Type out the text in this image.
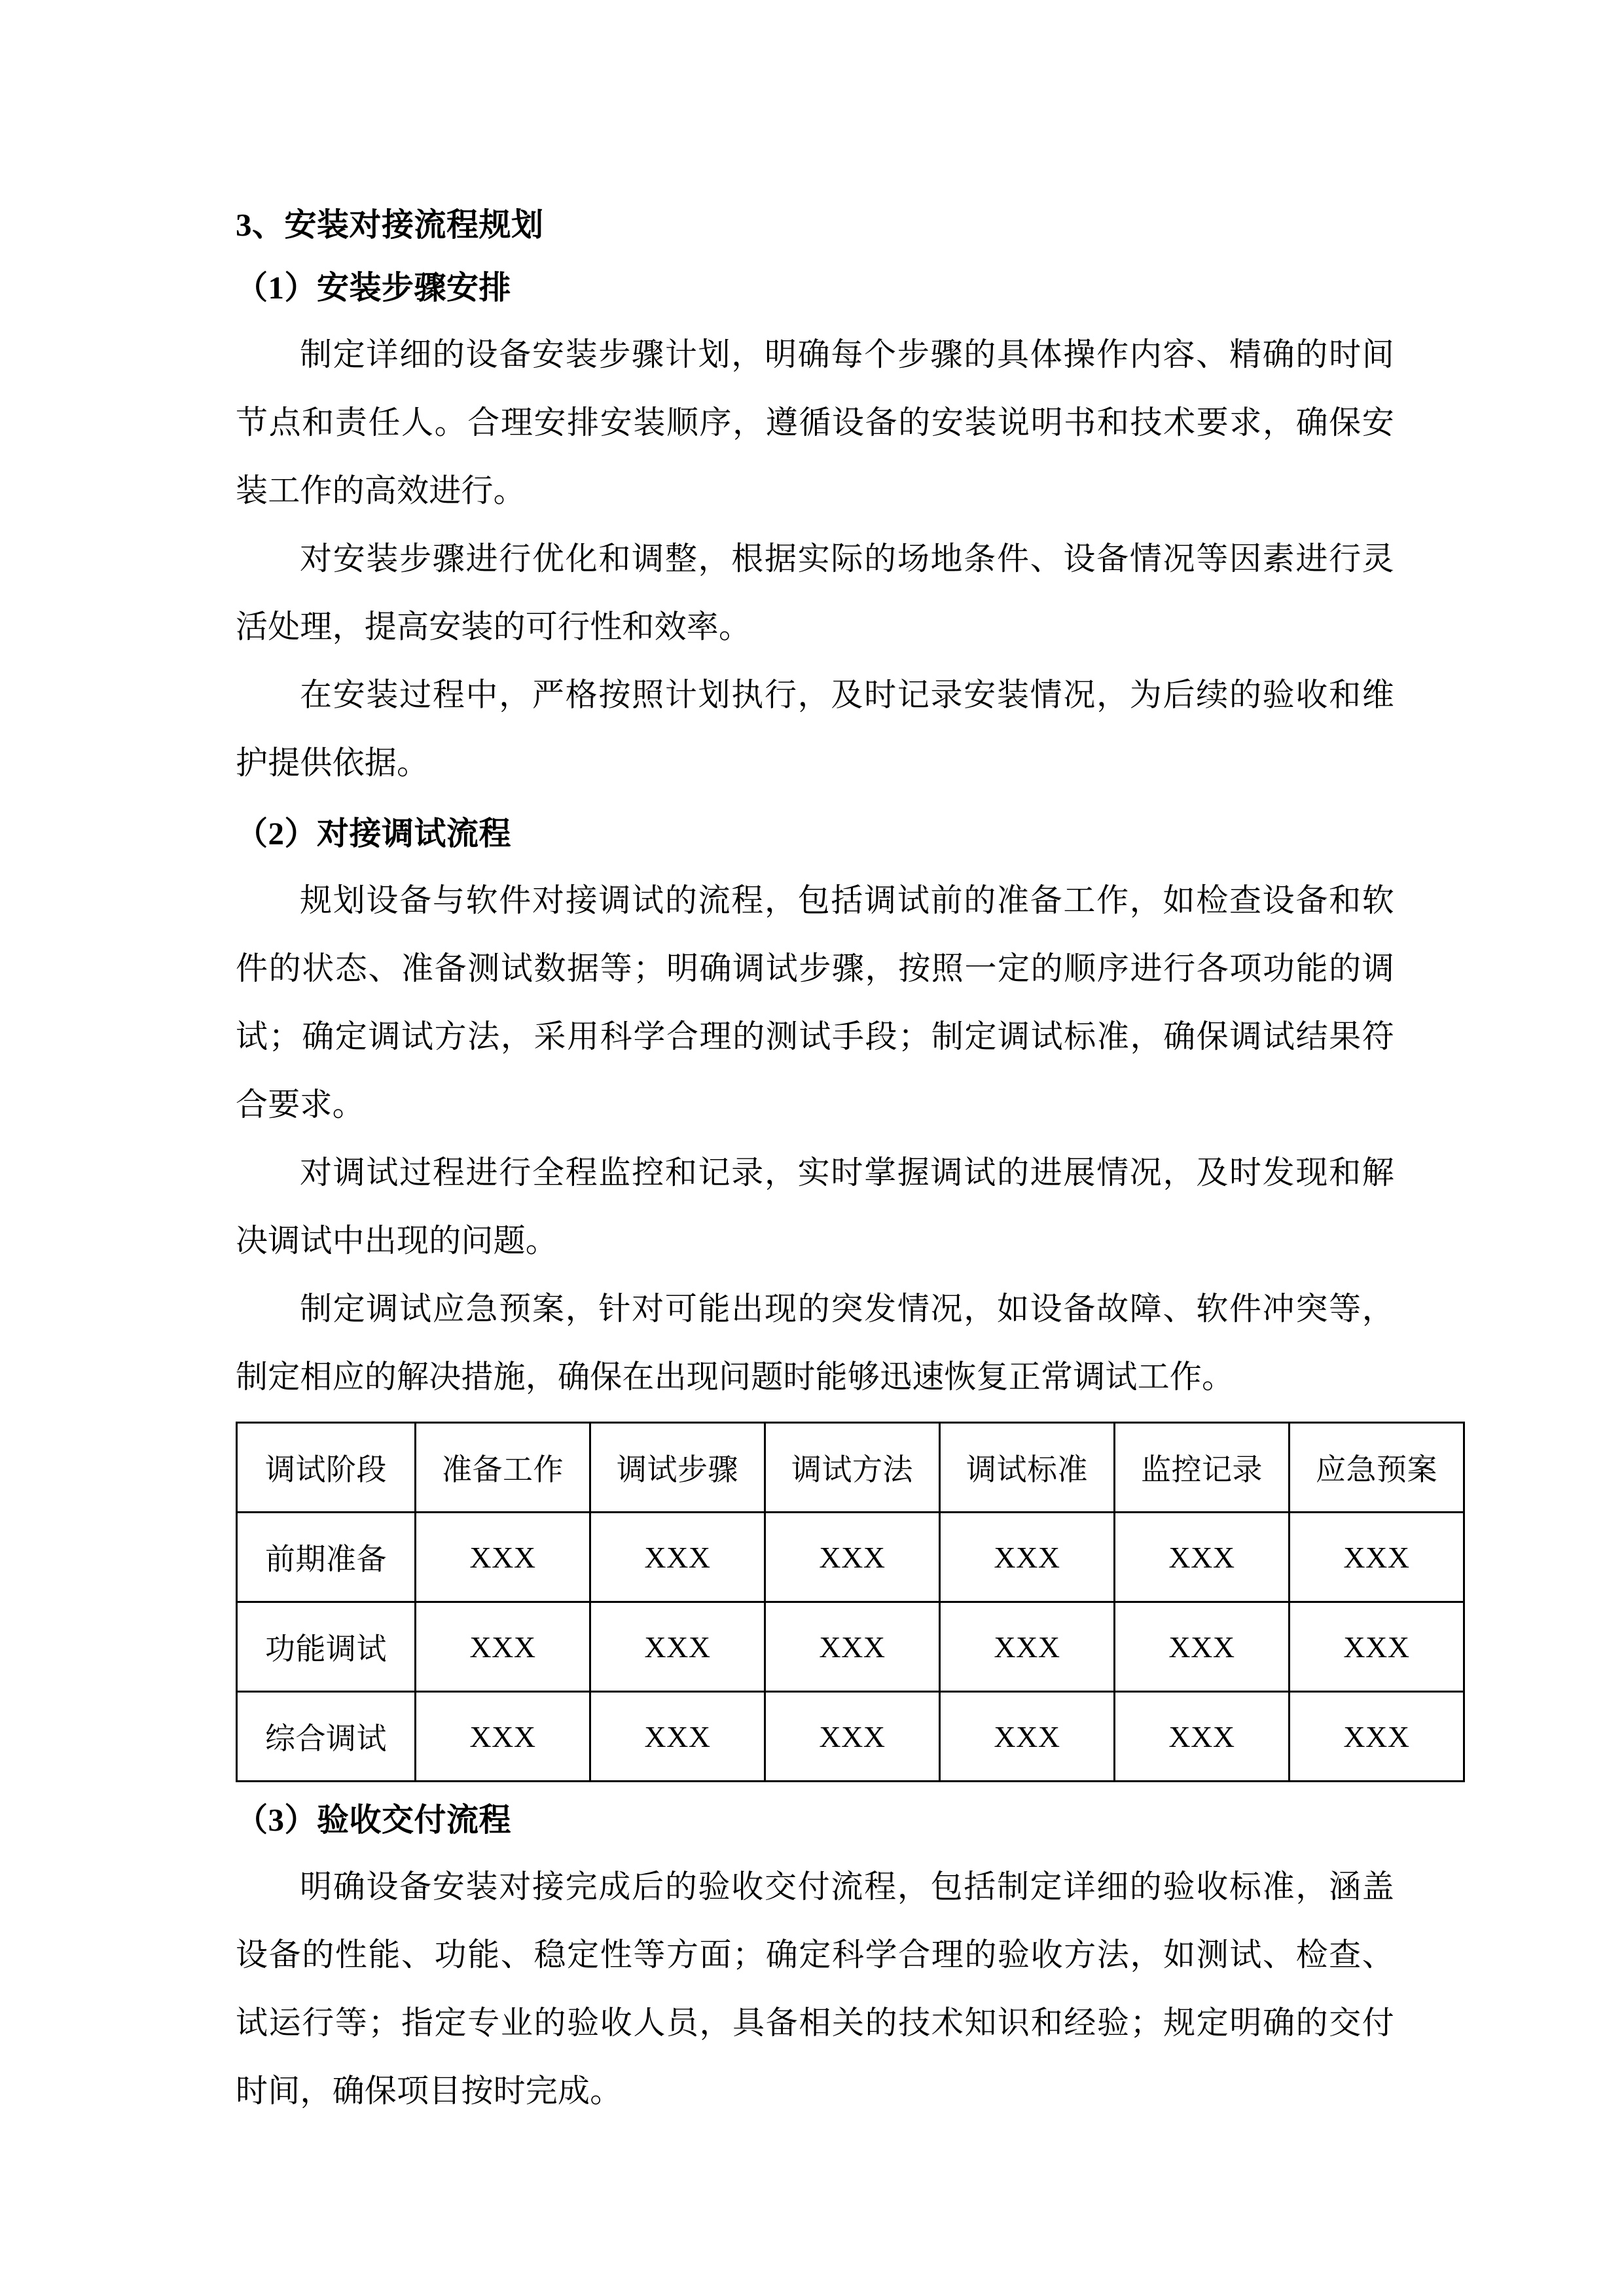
3、安装对接流程规划
（1）安装步骤安排

制定详细的设备安装步骤计划，明确每个步骤的具体操作内容、精确的时间节点和责任人。合理安排安装顺序，遵循设备的安装说明书和技术要求，确保安装工作的高效进行。

对安装步骤进行优化和调整，根据实际的场地条件、设备情况等因素进行灵活处理，提高安装的可行性和效率。

在安装过程中，严格按照计划执行，及时记录安装情况，为后续的验收和维护提供依据。

（2）对接调试流程

规划设备与软件对接调试的流程，包括调试前的准备工作，如检查设备和软件的状态、准备测试数据等；明确调试步骤，按照一定的顺序进行各项功能的调试；确定调试方法，采用科学合理的测试手段；制定调试标准，确保调试结果符合要求。

对调试过程进行全程监控和记录，实时掌握调试的进展情况，及时发现和解决调试中出现的问题。

制定调试应急预案，针对可能出现的突发情况，如设备故障、软件冲突等，制定相应的解决措施，确保在出现问题时能够迅速恢复正常调试工作。

调试阶段	准备工作	调试步骤	调试方法	调试标准	监控记录	应急预案
前期准备	XXX	XXX	XXX	XXX	XXX	XXX
功能调试	XXX	XXX	XXX	XXX	XXX	XXX
综合调试	XXX	XXX	XXX	XXX	XXX	XXX
（3）验收交付流程

明确设备安装对接完成后的验收交付流程，包括制定详细的验收标准，涵盖设备的性能、功能、稳定性等方面；确定科学合理的验收方法，如测试、检查、试运行等；指定专业的验收人员，具备相关的技术知识和经验；规定明确的交付时间，确保项目按时完成。
